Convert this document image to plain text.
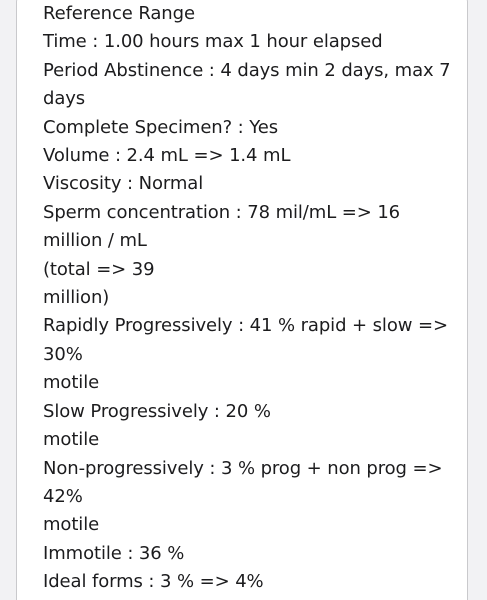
Reference Range
Time : 1.00 hours max 1 hour elapsed
Period Abstinence : 4 days min 2 days, max 7
days
Complete Specimen? : Yes
Volume : 2.4 mL => 1.4 mL
Viscosity : Normal
Sperm concentration : 78 mil/mL => 16
million / mL
(total => 39
million)
Rapidly Progressively : 41 % rapid + slow =>
30%
motile
Slow Progressively : 20 %
motile
Non-progressively : 3 % prog + non prog =>
42%
motile
Immotile : 36 %
Ideal forms : 3 % => 4%
